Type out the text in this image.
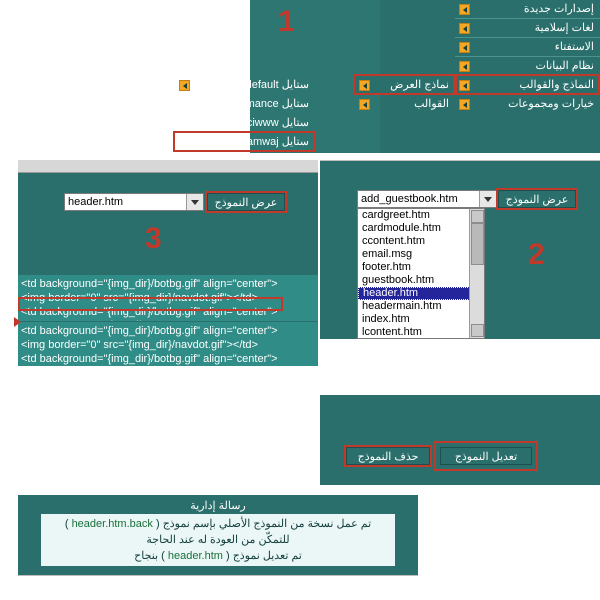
إصدارات جديدة
لغات إسلامية
الاستفتاء
نظام البيانات
النماذج والقوالب
خيارات ومجموعات
نماذج العرض
القوالب
ستايل default
ستايل romance
ستايل dciwww
ستايل amwaj
1
add_guestbook.htm	عرض النموذج
cardgreet.htm
cardmodule.htm
ccontent.htm
email.msg
footer.htm
guestbook.htm
header.htm
headermain.htm
index.htm
lcontent.htm
2
header.htm	عرض النموذج
3
<td background="{img_dir}/botbg.gif" align="center">
<img border="0" src="{img_dir}/navdot.gif"></td>
<td background="{img_dir}/botbg.gif" align="center">
<td background="{img_dir}/botbg.gif" align="center">
<img border="0" src="{img_dir}/navdot.gif"></td>
<td background="{img_dir}/botbg.gif" align="center">
تعديل النموذج
حذف النموذج
رسالة إدارية
تم عمل نسخة من النموذج الأصلي بإسم نموذج ( header.htm.back )
للتمكّن من العودة له عند الحاجة
تم تعديل نموذج ( header.htm ) بنجاح
